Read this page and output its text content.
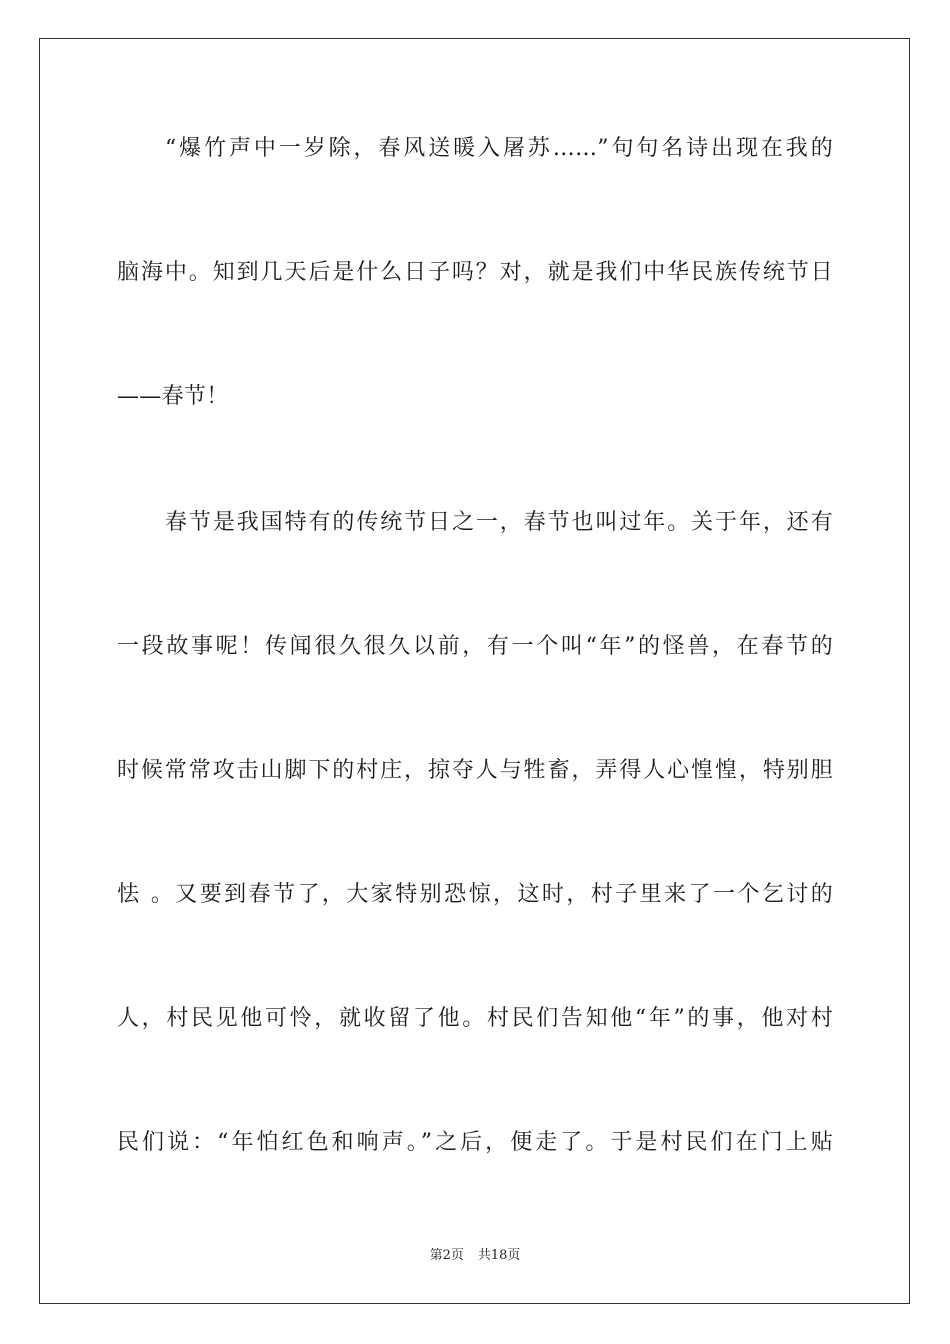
“爆竹声中一岁除，春风送暖入屠苏……”句句名诗出现在我的
脑海中。知到几天后是什么日子吗？对，就是我们中华民族传统节日
——春节！
春节是我国特有的传统节日之一，春节也叫过年。关于年，还有
一段故事呢！传闻很久很久以前，有一个叫“年”的怪兽，在春节的
时候常常攻击山脚下的村庄，掠夺人与牲畜，弄得人心惶惶，特别胆
怯 。又要到春节了，大家特别恐惊，这时，村子里来了一个乞讨的
人，村民见他可怜，就收留了他。村民们告知他“年”的事，他对村
民们说：“年怕红色和响声。”之后，便走了。于是村民们在门上贴
第2页 共18页
